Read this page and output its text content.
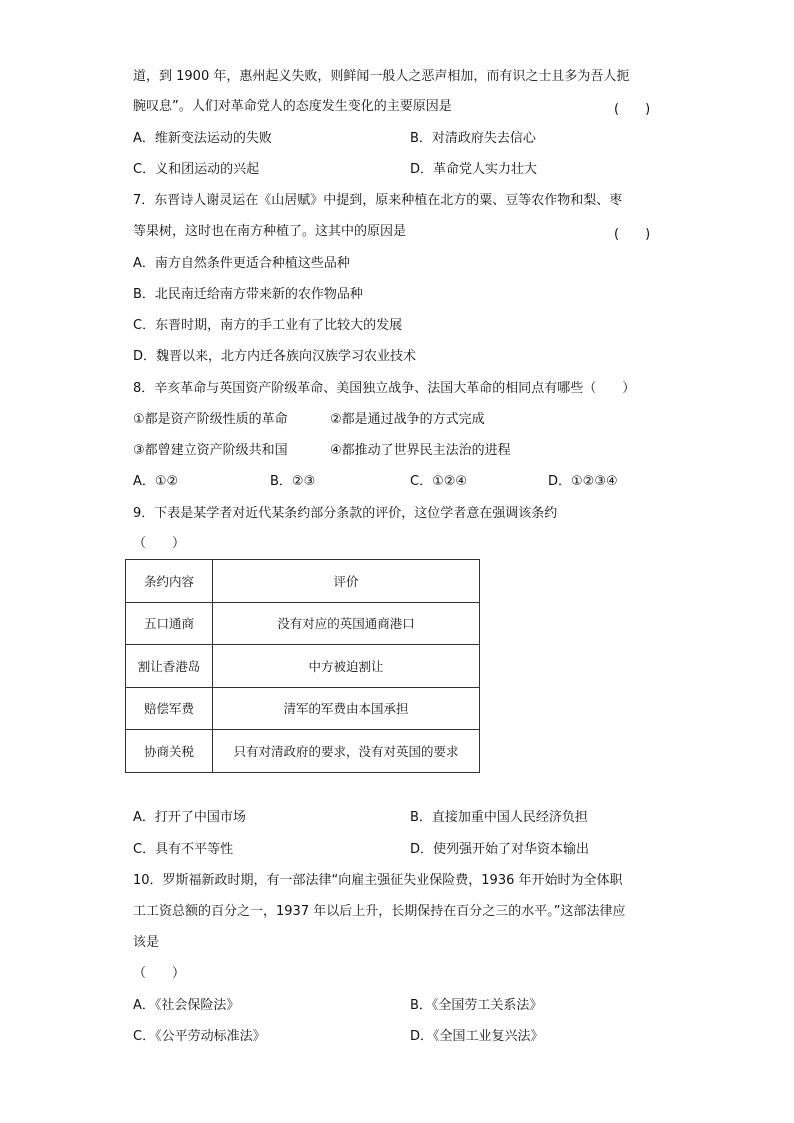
道，到 1900 年，惠州起义失败，则鲜闻一般人之恶声相加，而有识之士且多为吾人扼
腕叹息”。人们对革命党人的态度发生变化的主要原因是	(　　)
A．维新变法运动的失败	B．对清政府失去信心
C．义和团运动的兴起	D．革命党人实力壮大
7．东晋诗人谢灵运在《山居赋》中提到，原来种植在北方的粟、豆等农作物和梨、枣
等果树，这时也在南方种植了。这其中的原因是	(　　)
A．南方自然条件更适合种植这些品种
B．北民南迁给南方带来新的农作物品种
C．东晋时期，南方的手工业有了比较大的发展
D．魏晋以来，北方内迁各族向汉族学习农业技术
8．辛亥革命与英国资产阶级革命、美国独立战争、法国大革命的相同点有哪些（　　）
①都是资产阶级性质的革命	②都是通过战争的方式完成
③都曾建立资产阶级共和国	④都推动了世界民主法治的进程
A．①②	B．②③	C．①②④	D．①②③④
9．下表是某学者对近代某条约部分条款的评价，这位学者意在强调该条约
（　　）
条约内容	评价
五口通商	没有对应的英国通商港口
割让香港岛	中方被迫割让
赔偿军费	清军的军费由本国承担
协商关税	只有对清政府的要求，没有对英国的要求
A．打开了中国市场	B．直接加重中国人民经济负担
C．具有不平等性	D．使列强开始了对华资本输出
10．罗斯福新政时期，有一部法律“向雇主强征失业保险费，1936 年开始时为全体职
工工资总额的百分之一，1937 年以后上升，长期保持在百分之三的水平。”这部法律应
该是
（　　）
A．《社会保险法》	B．《全国劳工关系法》
C．《公平劳动标准法》	D．《全国工业复兴法》
